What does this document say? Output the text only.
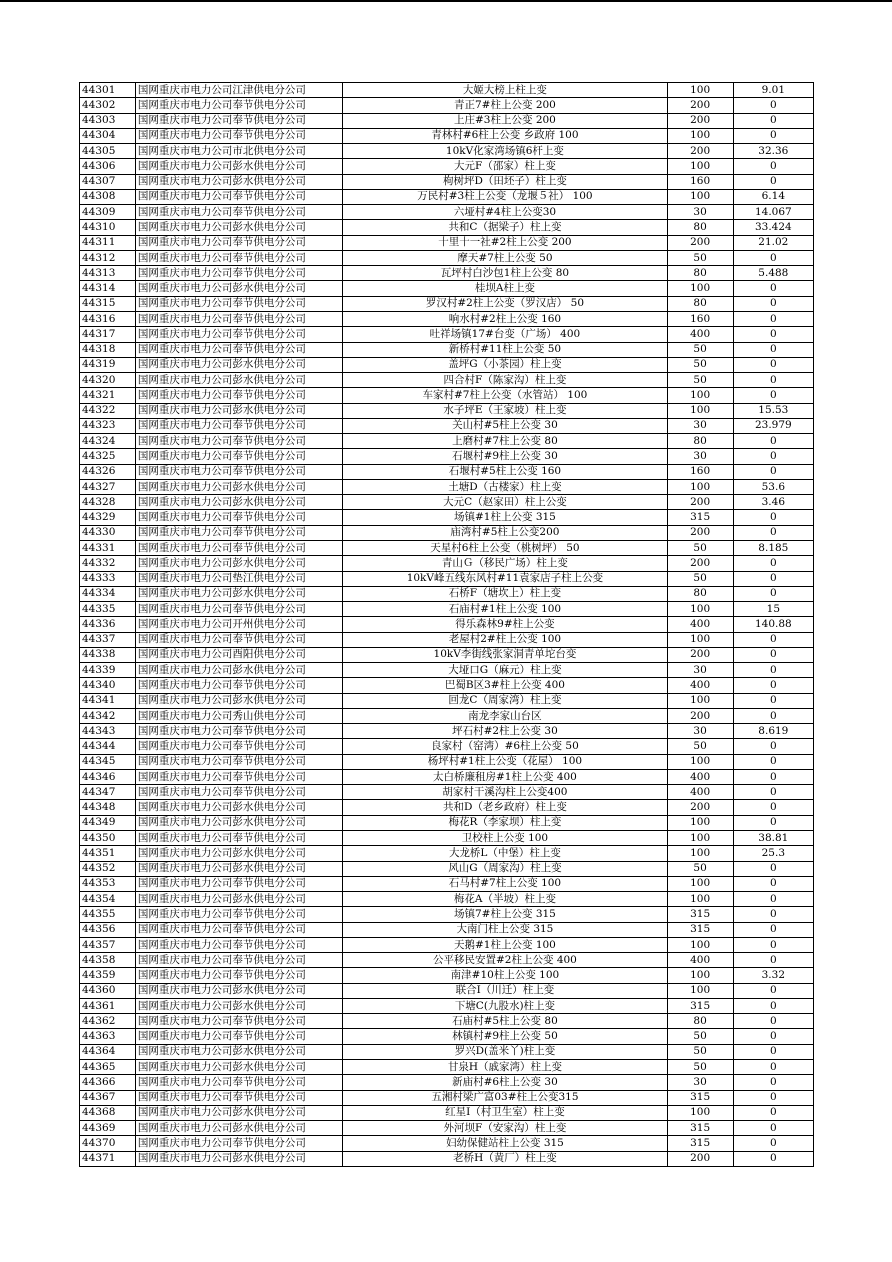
44301	国网重庆市电力公司江津供电分公司	大姬大榜上柱上变	100	9.01
44302	国网重庆市电力公司奉节供电分公司	青正7#柱上公变 200	200	0
44303	国网重庆市电力公司奉节供电分公司	上庄#3柱上公变 200	200	0
44304	国网重庆市电力公司奉节供电分公司	青林村#6柱上公变 乡政府 100	100	0
44305	国网重庆市电力公司市北供电分公司	10kV化家湾场镇6杆上变	200	32.36
44306	国网重庆市电力公司彭水供电分公司	大元F（邵家）柱上变	100	0
44307	国网重庆市电力公司彭水供电分公司	枸树坪D（田坯子）柱上变	160	0
44308	国网重庆市电力公司奉节供电分公司	万民村#3柱上公变（龙堰５社） 100	100	6.14
44309	国网重庆市电力公司奉节供电分公司	六垭村#4柱上公变30	30	14.067
44310	国网重庆市电力公司彭水供电分公司	共和C（据梁子）柱上变	80	33.424
44311	国网重庆市电力公司奉节供电分公司	十里十一社#2柱上公变 200	200	21.02
44312	国网重庆市电力公司奉节供电分公司	摩天#7柱上公变 50	50	0
44313	国网重庆市电力公司奉节供电分公司	瓦坪村白沙包1柱上公变 80	80	5.488
44314	国网重庆市电力公司彭水供电分公司	桂坝A柱上变	100	0
44315	国网重庆市电力公司奉节供电分公司	罗汉村#2柱上公变（罗汉店） 50	80	0
44316	国网重庆市电力公司奉节供电分公司	响水村#2柱上公变 160	160	0
44317	国网重庆市电力公司奉节供电分公司	吐祥场镇17#台变（广场） 400	400	0
44318	国网重庆市电力公司奉节供电分公司	新桥村#11柱上公变 50	50	0
44319	国网重庆市电力公司彭水供电分公司	盖坪G（小茶园）柱上变	50	0
44320	国网重庆市电力公司彭水供电分公司	四合村F（陈家沟）柱上变	50	0
44321	国网重庆市电力公司奉节供电分公司	车家村#7柱上公变（水管站） 100	100	0
44322	国网重庆市电力公司彭水供电分公司	水子坪E（王家坡）柱上变	100	15.53
44323	国网重庆市电力公司奉节供电分公司	关山村#5柱上公变 30	30	23.979
44324	国网重庆市电力公司奉节供电分公司	上磨村#7柱上公变 80	80	0
44325	国网重庆市电力公司奉节供电分公司	石堰村#9柱上公变 30	30	0
44326	国网重庆市电力公司奉节供电分公司	石堰村#5柱上公变 160	160	0
44327	国网重庆市电力公司彭水供电分公司	土塘D（古楼家）柱上变	100	53.6
44328	国网重庆市电力公司彭水供电分公司	大元C（赵家田）柱上公变	200	3.46
44329	国网重庆市电力公司奉节供电分公司	场镇#1柱上公变 315	315	0
44330	国网重庆市电力公司奉节供电分公司	庙湾村#5柱上公变200	200	0
44331	国网重庆市电力公司奉节供电分公司	天星村6柱上公变（桃树坪） 50	50	8.185
44332	国网重庆市电力公司彭水供电分公司	青山Ｇ（移民广场）柱上变	200	0
44333	国网重庆市电力公司垫江供电分公司	10kV峰五线东风村#11袁家店子柱上公变	50	0
44334	国网重庆市电力公司彭水供电分公司	石桥F（塘坎上）柱上变	80	0
44335	国网重庆市电力公司奉节供电分公司	石庙村#1柱上公变 100	100	15
44336	国网重庆市电力公司开州供电分公司	得乐森林9#柱上公变	400	140.88
44337	国网重庆市电力公司奉节供电分公司	老屋村2#柱上公变 100	100	0
44338	国网重庆市电力公司酉阳供电分公司	10kV李街线张家洞青单坨台变	200	0
44339	国网重庆市电力公司彭水供电分公司	大垭口G（麻元）柱上变	30	0
44340	国网重庆市电力公司奉节供电分公司	巴蜀B区3#柱上公变 400	400	0
44341	国网重庆市电力公司彭水供电分公司	回龙C（周家湾）柱上变	100	0
44342	国网重庆市电力公司秀山供电分公司	南龙李家山台区	200	0
44343	国网重庆市电力公司奉节供电分公司	坪石村#2柱上公变 30	30	8.619
44344	国网重庆市电力公司奉节供电分公司	良家村（窑湾）#6柱上公变 50	50	0
44345	国网重庆市电力公司奉节供电分公司	杨坪村#1柱上公变（花屋） 100	100	0
44346	国网重庆市电力公司奉节供电分公司	太白桥廉租房#1柱上公变 400	400	0
44347	国网重庆市电力公司奉节供电分公司	胡家村干溪沟柱上公变400	400	0
44348	国网重庆市电力公司彭水供电分公司	共和D（老乡政府）柱上变	200	0
44349	国网重庆市电力公司彭水供电分公司	梅花R（李家坝）柱上变	100	0
44350	国网重庆市电力公司奉节供电分公司	卫校柱上公变 100	100	38.81
44351	国网重庆市电力公司彭水供电分公司	大龙桥L（中堡）柱上变	100	25.3
44352	国网重庆市电力公司彭水供电分公司	风山G（周家沟）柱上变	50	0
44353	国网重庆市电力公司奉节供电分公司	石马村#7柱上公变 100	100	0
44354	国网重庆市电力公司彭水供电分公司	梅花A（半坡）柱上变	100	0
44355	国网重庆市电力公司奉节供电分公司	场镇7#柱上公变 315	315	0
44356	国网重庆市电力公司奉节供电分公司	大南门柱上公变 315	315	0
44357	国网重庆市电力公司奉节供电分公司	天鹅#1柱上公变 100	100	0
44358	国网重庆市电力公司奉节供电分公司	公平移民安置#2柱上公变 400	400	0
44359	国网重庆市电力公司奉节供电分公司	南津#10柱上公变 100	100	3.32
44360	国网重庆市电力公司彭水供电分公司	联合I（川迁）柱上变	100	0
44361	国网重庆市电力公司彭水供电分公司	下塘C(九股水)柱上变	315	0
44362	国网重庆市电力公司奉节供电分公司	石庙村#5柱上公变 80	80	0
44363	国网重庆市电力公司奉节供电分公司	林镇村#9柱上公变 50	50	0
44364	国网重庆市电力公司彭水供电分公司	罗兴D(盖米丫)柱上变	50	0
44365	国网重庆市电力公司彭水供电分公司	甘泉H（戚家湾）柱上变	50	0
44366	国网重庆市电力公司奉节供电分公司	新庙村#6柱上公变 30	30	0
44367	国网重庆市电力公司奉节供电分公司	五湘村梁广富03#柱上公变315	315	0
44368	国网重庆市电力公司彭水供电分公司	红星I（村卫生室）柱上变	100	0
44369	国网重庆市电力公司彭水供电分公司	外河坝F（安家沟）柱上变	315	0
44370	国网重庆市电力公司奉节供电分公司	妇幼保健站柱上公变 315	315	0
44371	国网重庆市电力公司彭水供电分公司	老桥H（黄厂）柱上变	200	0
